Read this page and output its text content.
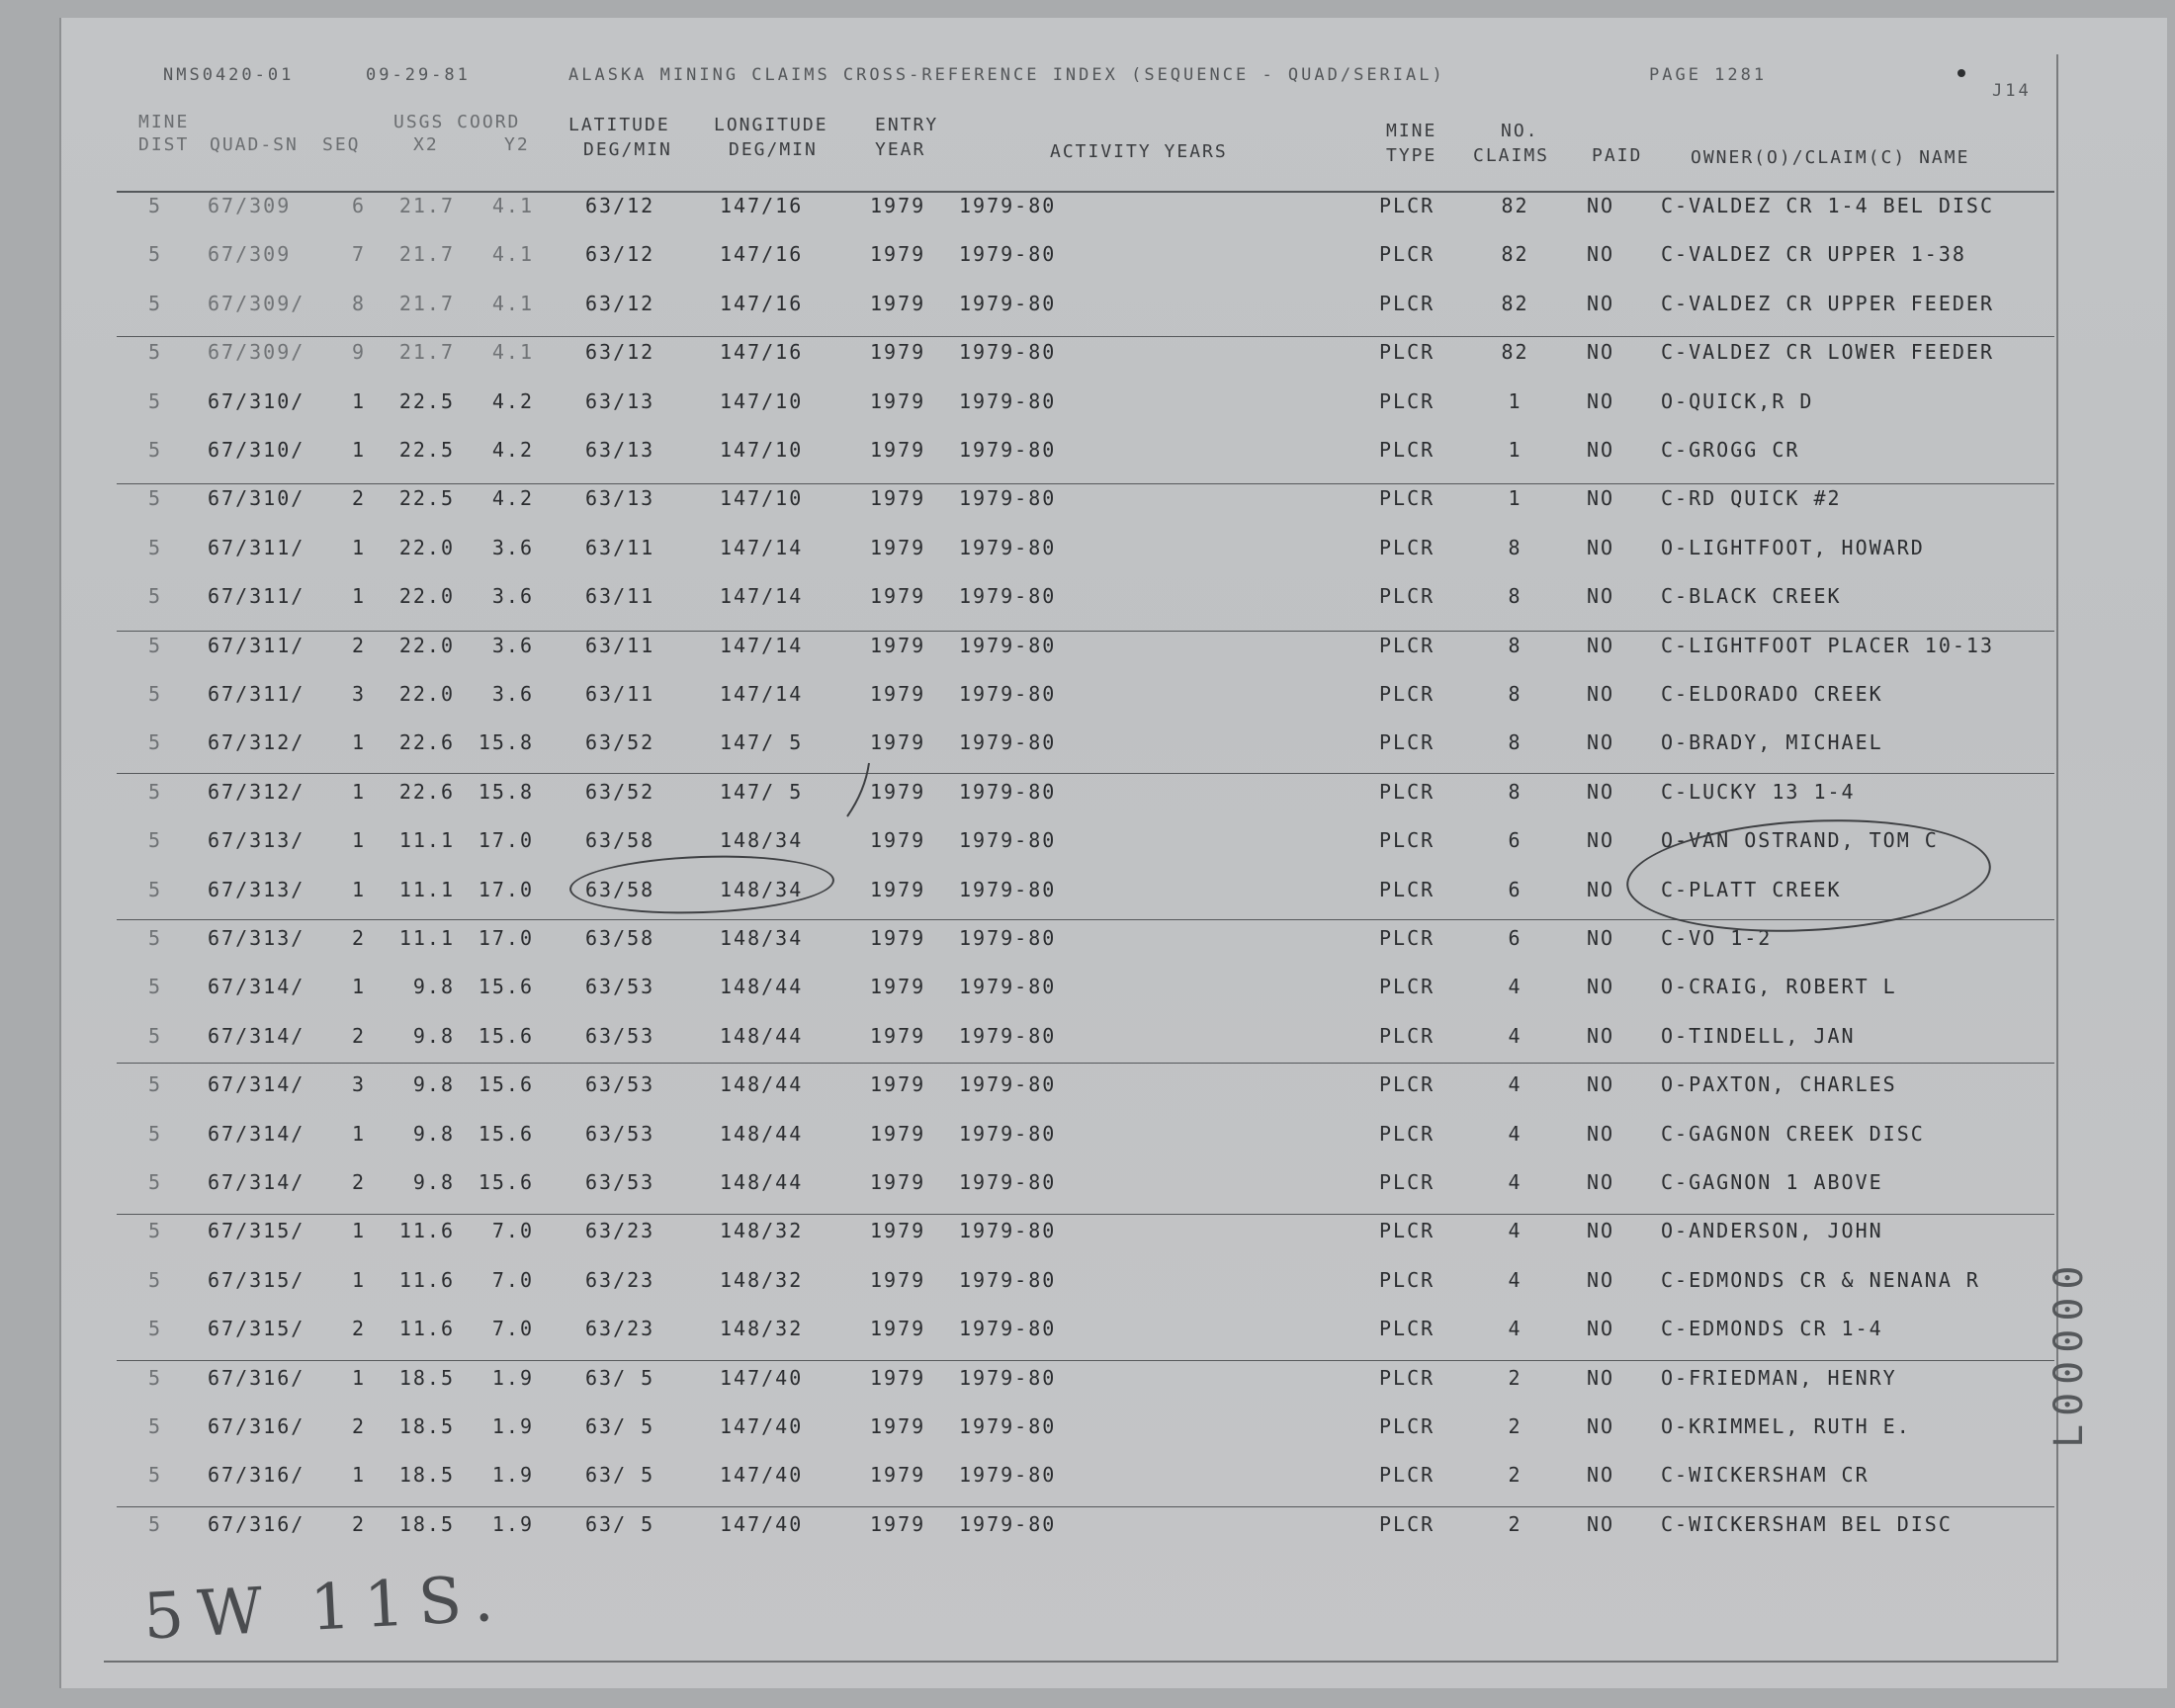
NMS0420-01	09-29-81	ALASKA MINING CLAIMS CROSS-REFERENCE INDEX (SEQUENCE - QUAD/SERIAL)	PAGE 1281
J14
MINE
DIST QUAD-SN SEQ
USGS COORD
X2	Y2
LATITUDE
DEG/MIN
LONGITUDE
DEG/MIN
ENTRY
YEAR	ACTIVITY YEARS
MINE
TYPE
NO.
CLAIMS PAID	OWNER(O)/CLAIM(C) NAME
5 67/309	6	21.7	4.1	63/12	147/16	1979 1979-80	PLCR	82	NO C-VALDEZ CR 1-4 BEL DISC
5 67/309	7	21.7	4.1	63/12	147/16	1979 1979-80	PLCR	82	NO C-VALDEZ CR UPPER 1-38
5 67/309/ 8	21.7	4.1	63/12	147/16	1979 1979-80	PLCR	82	NO C-VALDEZ CR UPPER FEEDER
5 67/309/ 9	21.7	4.1	63/12	147/16	1979 1979-80	PLCR	82	NO C-VALDEZ CR LOWER FEEDER
5 67/310/ 1	22.5	4.2	63/13	147/10	1979 1979-80	PLCR	1	NO O-QUICK,R D
5 67/310/ 1	22.5	4.2	63/13	147/10	1979 1979-80	PLCR	1	NO C-GROGG CR
5 67/310/ 2	22.5	4.2	63/13	147/10	1979 1979-80	PLCR	1	NO C-RD QUICK #2
5 67/311/ 1	22.0	3.6	63/11	147/14	1979 1979-80	PLCR	8	NO O-LIGHTFOOT, HOWARD
5 67/311/ 1	22.0	3.6	63/11	147/14	1979 1979-80	PLCR	8	NO C-BLACK CREEK
5 67/311/ 2	22.0	3.6	63/11	147/14	1979 1979-80	PLCR	8	NO C-LIGHTFOOT PLACER 10-13
5 67/311/ 3	22.0	3.6	63/11	147/14	1979 1979-80	PLCR	8	NO C-ELDORADO CREEK
5 67/312/ 1	22.6 15.8	63/52	147/ 5	1979 1979-80	PLCR	8	NO O-BRADY, MICHAEL
5 67/312/ 1	22.6 15.8	63/52	147/ 5	1979 1979-80	PLCR	8	NO C-LUCKY 13 1-4
5 67/313/ 1	11.1 17.0	63/58	148/34	1979 1979-80	PLCR	6	NO O-VAN OSTRAND, TOM C
5 67/313/ 1	11.1 17.0	63/58	148/34	1979 1979-80	PLCR	6	NO C-PLATT CREEK
5 67/313/ 2	11.1 17.0	63/58	148/34	1979 1979-80	PLCR	6	NO C-VO 1-2
5 67/314/ 1	9.8 15.6	63/53	148/44	1979 1979-80	PLCR	4	NO O-CRAIG, ROBERT L
5 67/314/ 2	9.8 15.6	63/53	148/44	1979 1979-80	PLCR	4	NO O-TINDELL, JAN
5 67/314/ 3	9.8 15.6	63/53	148/44	1979 1979-80	PLCR	4	NO O-PAXTON, CHARLES
5 67/314/ 1	9.8 15.6	63/53	148/44	1979 1979-80	PLCR	4	NO C-GAGNON CREEK DISC
5 67/314/ 2	9.8 15.6	63/53	148/44	1979 1979-80	PLCR	4	NO C-GAGNON 1 ABOVE
5 67/315/ 1	11.6	7.0	63/23	148/32	1979 1979-80	PLCR	4	NO O-ANDERSON, JOHN
5 67/315/ 1	11.6	7.0	63/23	148/32	1979 1979-80	PLCR	4	NO C-EDMONDS CR & NENANA R
5 67/315/ 2	11.6	7.0	63/23	148/32	1979 1979-80	PLCR	4	NO C-EDMONDS CR 1-4
5 67/316/ 1	18.5	1.9	63/ 5	147/40	1979 1979-80	PLCR	2	NO O-FRIEDMAN, HENRY
5 67/316/ 2	18.5	1.9	63/ 5	147/40	1979 1979-80	PLCR	2	NO O-KRIMMEL, RUTH E.
5 67/316/ 1	18.5	1.9	63/ 5	147/40	1979 1979-80	PLCR	2	NO C-WICKERSHAM CR
5 67/316/ 2	18.5	1.9	63/ 5	147/40	1979 1979-80	PLCR	2	NO C-WICKERSHAM BEL DISC
5W 11S.
L00000
